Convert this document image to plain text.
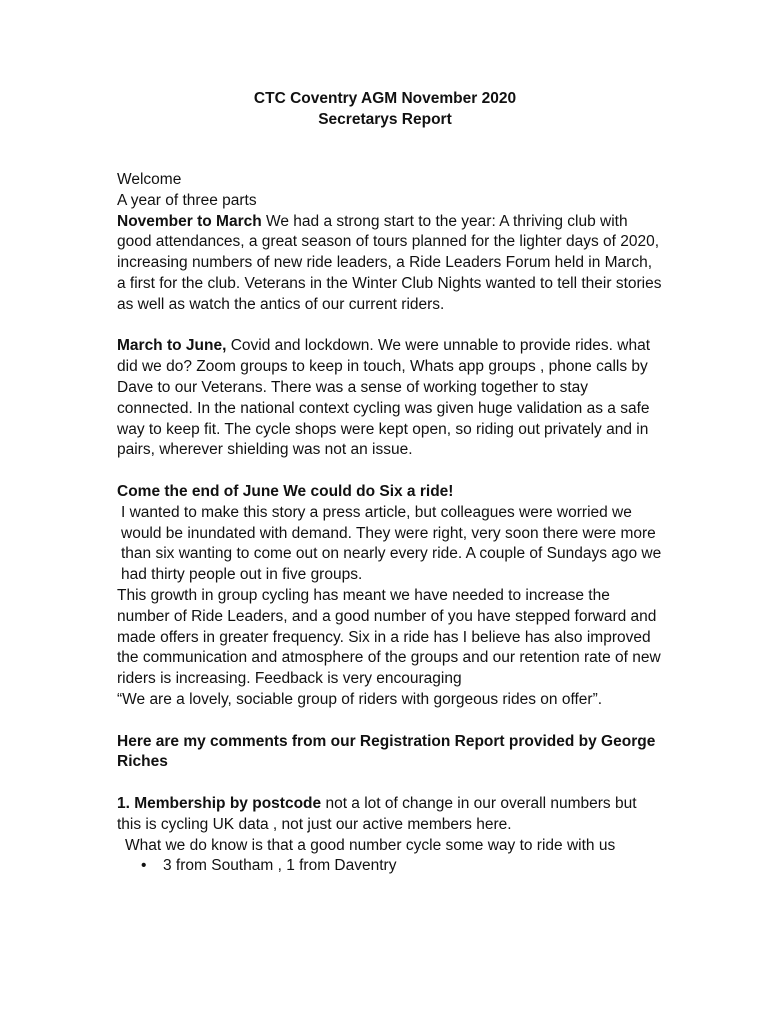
CTC Coventry AGM November 2020
Secretarys Report

Welcome

A year of three parts

November to March We had a strong start to the year: A thriving club with good attendances, a great season of tours planned for the lighter days of 2020, increasing numbers of new ride leaders, a Ride Leaders Forum held in March, a first for the club. Veterans in the Winter Club Nights wanted to tell their stories as well as watch the antics of our current riders.

March to June, Covid and lockdown. We were unnable to provide rides. what did we do? Zoom groups to keep in touch, Whats app groups , phone calls by Dave to our Veterans. There was a sense of working together to stay connected. In the national context cycling was given huge validation as a safe way to keep fit. The cycle shops were kept open, so riding out privately and in pairs, wherever shielding was not an issue.

Come the end of June We could do Six a ride!

I wanted to make this story a press article, but colleagues were worried we would be inundated with demand. They were right, very soon there were more than six wanting to come out on nearly every ride. A couple of Sundays ago we had thirty people out in five groups.

This growth in group cycling has meant we have needed to increase the number of Ride Leaders, and a good number of you have stepped forward and made offers in greater frequency. Six in a ride has I believe has also improved the communication and atmosphere of the groups and our retention rate of new riders is increasing. Feedback is very encouraging

“We are a lovely, sociable group of riders with gorgeous rides on offer”.

Here are my comments from our Registration Report provided by George Riches

1. Membership by postcode not a lot of change in our overall numbers but this is cycling UK data , not just our active members here.

What we do know is that a good number cycle some way to ride with us

• 3 from Southam , 1 from Daventry
